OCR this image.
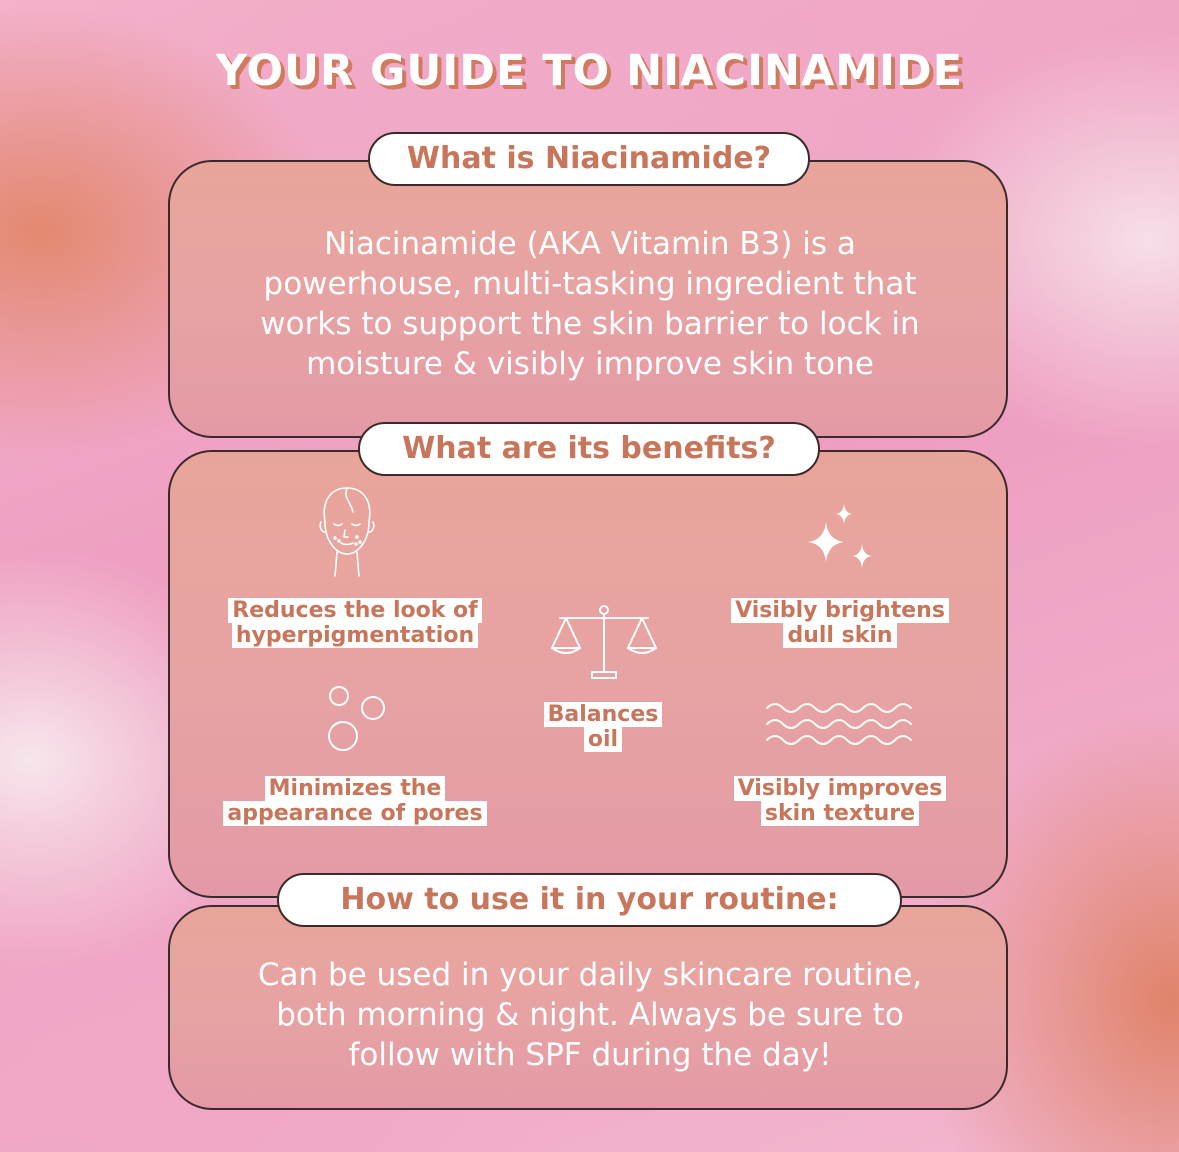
YOUR GUIDE TO NIACINAMIDE
What is Niacinamide?
Niacinamide (AKA Vitamin B3) is a
powerhouse, multi-tasking ingredient that
works to support the skin barrier to lock in
moisture & visibly improve skin tone
What are its benefits?
Reduces the look of
hyperpigmentation
Visibly brightens
dull skin
Balances
oil
Minimizes the
appearance of pores
Visibly improves
skin texture
How to use it in your routine:
Can be used in your daily skincare routine,
both morning & night. Always be sure to
follow with SPF during the day!
